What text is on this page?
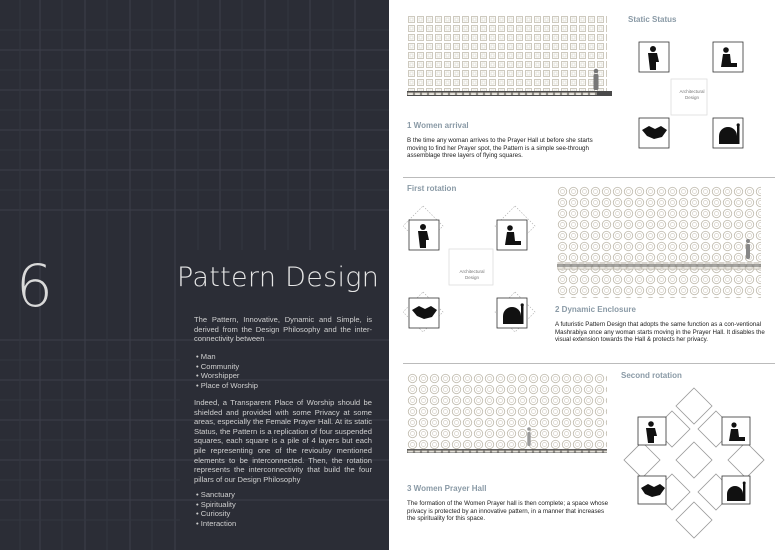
6	Pattern Design
The Pattern, Innovative, Dynamic and Simple, is derived from the Design Philosophy and the inter-connectivity between
• Man
• Community
• Worshipper
• Place of Worship
Indeed, a Transparent Place of Worship should be shielded and provided with some Privacy at some areas, especially the Female Prayer Hall. At its static Status, the Pattern is a replication of four suspended squares, each square is a pile of 4 layers but each pile representing one of the revioulsy mentioned elements to be interconnected. Then, the rotation represents the interconnectivity that build the four pillars of our Design Philosophy
• Sanctuary
• Spirituality
• Curiosity
• Interaction
1 Women arrival
B the time any woman arrives to the Prayer Hall ut before she starts moving to find her Prayer spot, the Pattern is a simple see-through assemblage three layers of flying squares.
Static Status
Architectural Design
First rotation
Architectural Design
2 Dynamic Enclosure
A futuristic Pattern Design that adopts the same function as a con-ventional Mashrabiya once any woman starts moving in the Prayer Hall. It disables the visual extension towards the Hall & protects her privacy.
3 Women Prayer Hall
The formation of the Women Prayer hall is then complete; a space whose privacy is protected by an innovative pattern, in a manner that increases the spirituality for this space.
Second rotation
